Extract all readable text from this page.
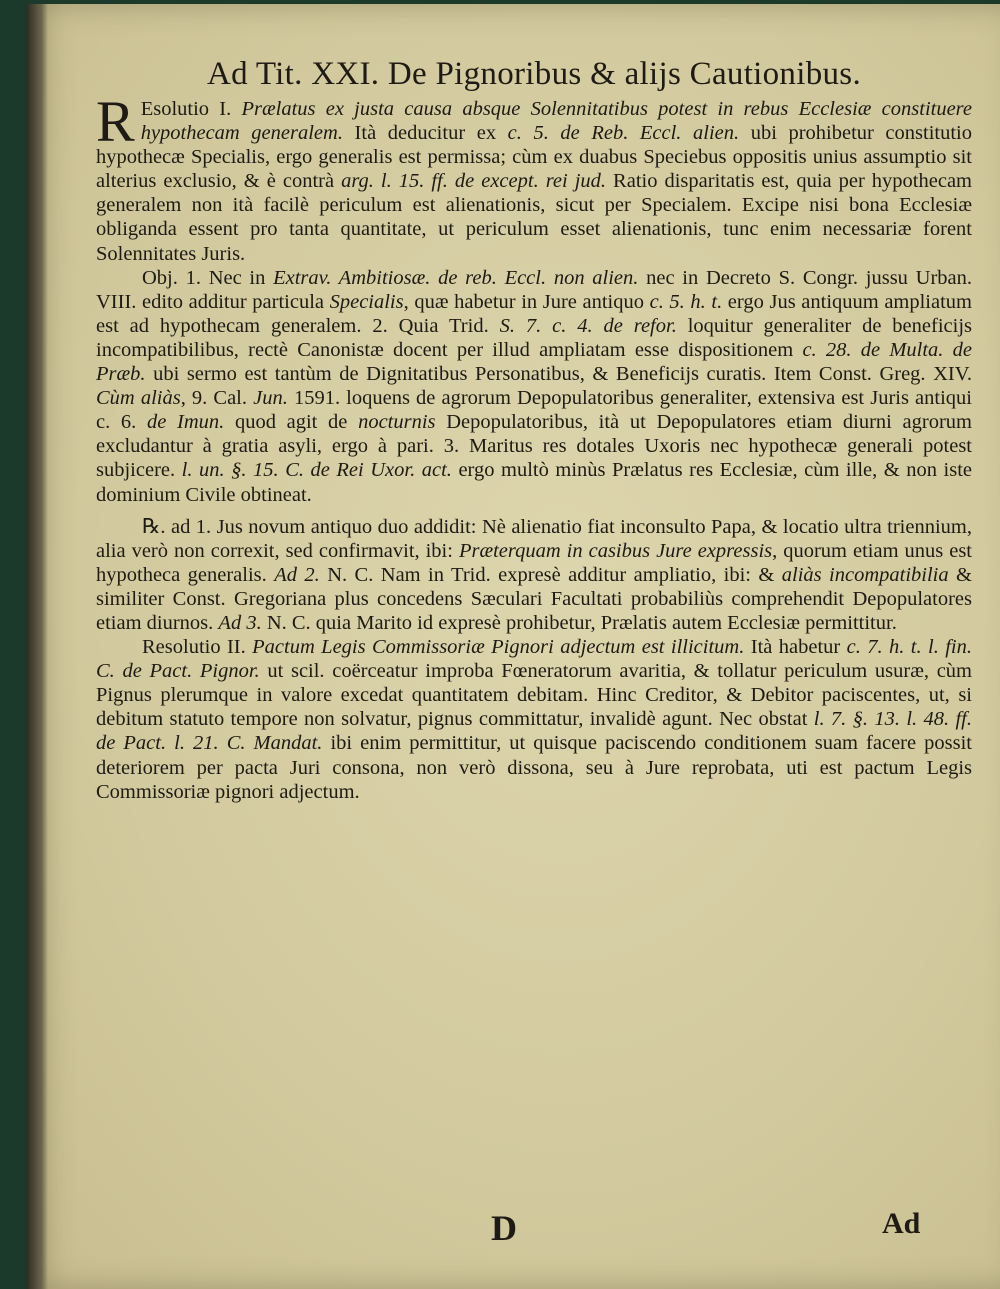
Ad Tit. XXI. De Pignoribus & alijs Cautionibus.

R Esolutio I. Prælatus ex justa causa absque Solennitatibus potest in rebus Ecclesiæ constituere hypothecam generalem. Ità deducitur ex c. 5. de Reb. Eccl. alien. ubi prohibetur constitutio hypothecæ Specialis, ergo generalis est permissa; cùm ex duabus Speciebus oppositis unius assumptio sit alterius exclusio, & è contrà arg. l. 15. ff. de except. rei jud. Ratio disparitatis est, quia per hypothecam generalem non ità facilè periculum est alienationis, sicut per Specialem. Excipe nisi bona Ecclesiæ obliganda essent pro tanta quantitate, ut periculum esset alienationis, tunc enim necessariæ forent Solennitates Juris.

Obj. 1. Nec in Extrav. Ambitiosæ. de reb. Eccl. non alien. nec in Decreto S. Congr. jussu Urban. VIII. edito additur particula Specialis, quæ habetur in Jure antiquo c. 5. h. t. ergo Jus antiquum ampliatum est ad hypothecam generalem. 2. Quia Trid. S. 7. c. 4. de refor. loquitur generaliter de beneficijs incompatibilibus, rectè Canonistæ docent per illud ampliatam esse dispositionem c. 28. de Multa. de Præb. ubi sermo est tantùm de Dignitatibus Personatibus, & Beneficijs curatis. Item Const. Greg. XIV. Cùm aliàs, 9. Cal. Jun. 1591. loquens de agrorum Depopulatoribus generaliter, extensiva est Juris antiqui c. 6. de Imun. quod agit de nocturnis Depopulatoribus, ità ut Depopulatores etiam diurni agrorum excludantur à gratia asyli, ergo à pari. 3. Maritus res dotales Uxoris nec hypothecæ generali potest subjicere. l. un. §. 15. C. de Rei Uxor. act. ergo multò minùs Prælatus res Ecclesiæ, cùm ille, & non iste dominium Civile obtineat.

℞. ad 1. Jus novum antiquo duo addidit: Nè alienatio fiat inconsulto Papa, & locatio ultra triennium, alia verò non correxit, sed confirmavit, ibi: Præterquam in casibus Jure expressis, quorum etiam unus est hypotheca generalis. Ad 2. N. C. Nam in Trid. expresè additur ampliatio, ibi: & aliàs incompatibilia & similiter Const. Gregoriana plus concedens Sæculari Facultati probabiliùs comprehendit Depopulatores etiam diurnos. Ad 3. N. C. quia Marito id expresè prohibetur, Prælatis autem Ecclesiæ permittitur.

Resolutio II. Pactum Legis Commissoriæ Pignori adjectum est illicitum. Ità habetur c. 7. h. t. l. fin. C. de Pact. Pignor. ut scil. coërceatur improba Fœneratorum avaritia, & tollatur periculum usuræ, cùm Pignus plerumque in valore excedat quantitatem debitam. Hinc Creditor, & Debitor paciscentes, ut, si debitum statuto tempore non solvatur, pignus committatur, invalidè agunt. Nec obstat l. 7. §. 13. l. 48. ff. de Pact. l. 21. C. Mandat. ibi enim permittitur, ut quisque paciscendo conditionem suam facere possit deteriorem per pacta Juri consona, non verò dissona, seu à Jure reprobata, uti est pactum Legis Commissoriæ pignori adjectum.

D	Ad
